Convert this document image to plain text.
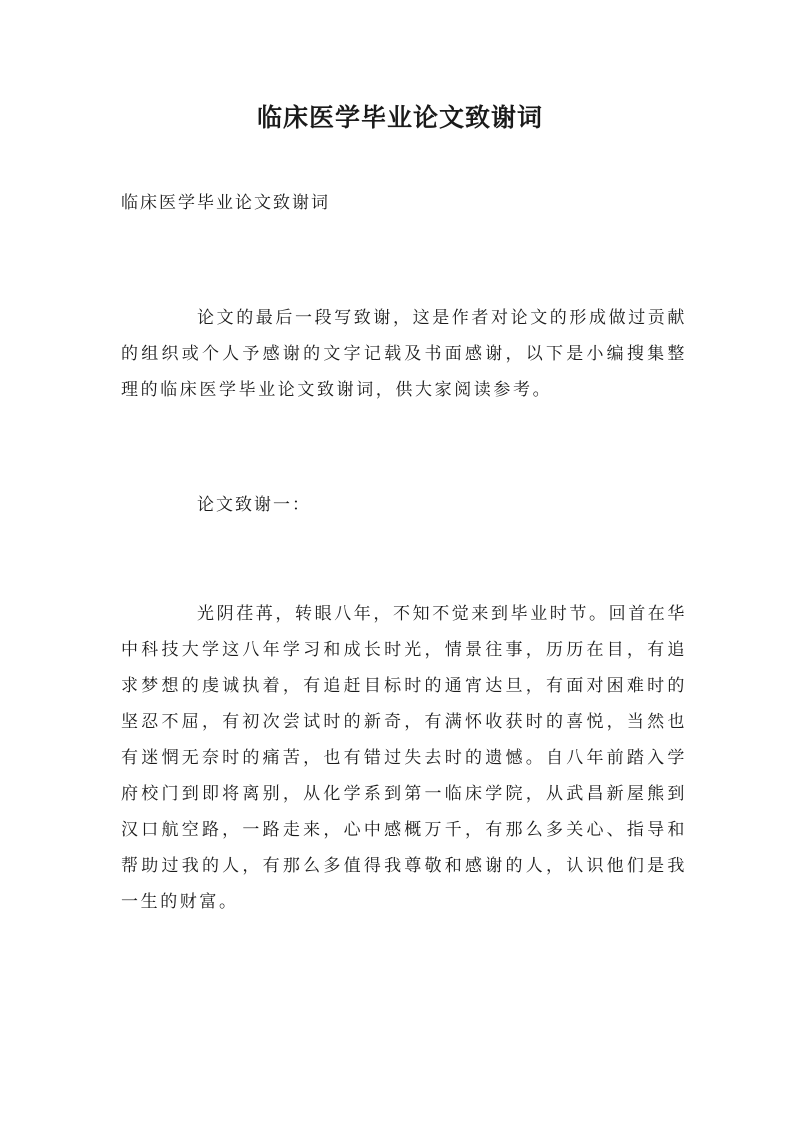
临床医学毕业论文致谢词
临床医学毕业论文致谢词
论文的最后一段写致谢，这是作者对论文的形成做过贡献的组织或个人予感谢的文字记载及书面感谢，以下是小编搜集整理的临床医学毕业论文致谢词，供大家阅读参考。
论文致谢一：
光阴荏苒，转眼八年，不知不觉来到毕业时节。回首在华中科技大学这八年学习和成长时光，情景往事，历历在目，有追求梦想的虔诚执着，有追赶目标时的通宵达旦，有面对困难时的坚忍不屈，有初次尝试时的新奇，有满怀收获时的喜悦，当然也有迷惘无奈时的痛苦，也有错过失去时的遗憾。自八年前踏入学府校门到即将离别，从化学系到第一临床学院，从武昌新屋熊到汉口航空路，一路走来，心中感概万千，有那么多关心、指导和帮助过我的人，有那么多值得我尊敬和感谢的人，认识他们是我一生的财富。
